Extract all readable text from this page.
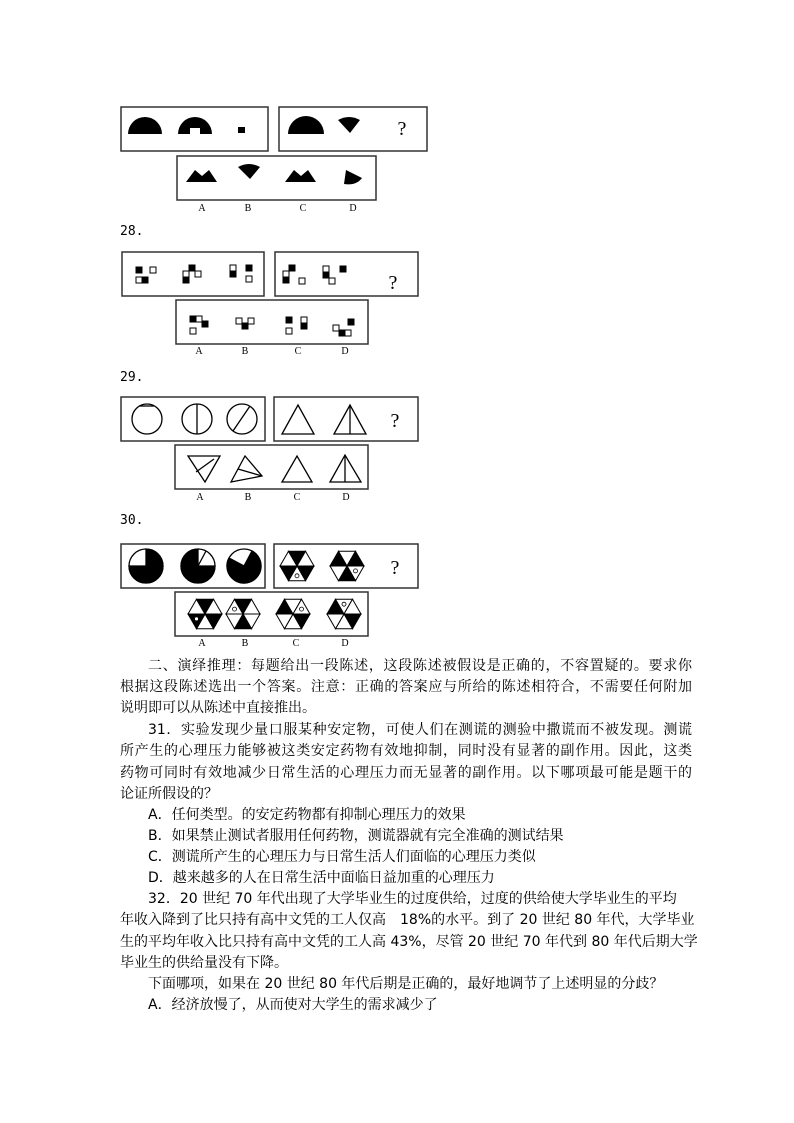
?
A	B	C	D
?
A	B	C	D
?
A	B	C	D
?
A	B	C	D
28.
29.
30.
二、演绎推理：每题给出一段陈述，这段陈述被假设是正确的，不容置疑的。要求你
根据这段陈述选出一个答案。注意：正确的答案应与所给的陈述相符合，不需要任何附加
说明即可以从陈述中直接推出。
31．实验发现少量口服某种安定物，可使人们在测谎的测验中撒谎而不被发现。测谎
所产生的心理压力能够被这类安定药物有效地抑制，同时没有显著的副作用。因此，这类
药物可同时有效地减少日常生活的心理压力而无显著的副作用。以下哪项最可能是题干的
论证所假设的？
A．任何类型。的安定药物都有抑制心理压力的效果
B．如果禁止测试者服用任何药物，测谎器就有完全准确的测试结果
C．测谎所产生的心理压力与日常生活人们面临的心理压力类似
D．越来越多的人在日常生活中面临日益加重的心理压力
32．20 世纪 70 年代出现了大学毕业生的过度供给，过度的供给使大学毕业生的平均
年收入降到了比只持有高中文凭的工人仅高　18%的水平。到了 20 世纪 80 年代，大学毕业
生的平均年收入比只持有高中文凭的工人高 43%，尽管 20 世纪 70 年代到 80 年代后期大学
毕业生的供给量没有下降。
下面哪项，如果在 20 世纪 80 年代后期是正确的，最好地调节了上述明显的分歧？
A．经济放慢了，从而使对大学生的需求减少了
